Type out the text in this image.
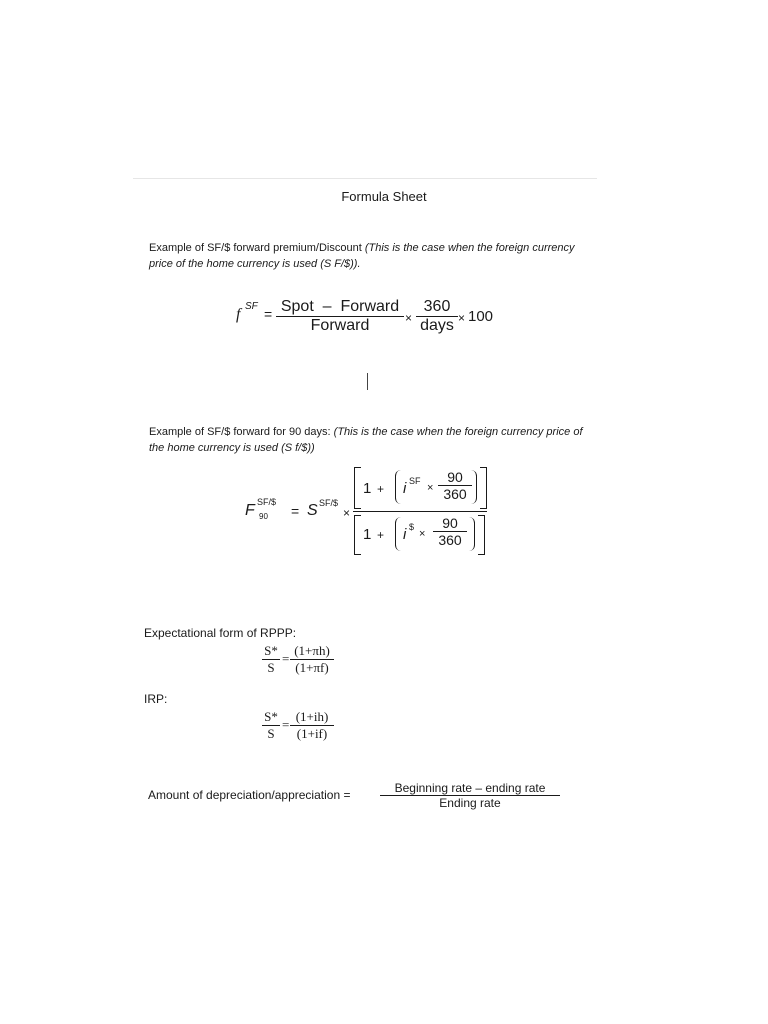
Formula Sheet
Example of SF/$ forward premium/Discount (This is the case when the foreign currency price of the home currency is used (S F/$)).
f SF = Spot  –  Forward
Forward	×
360
days × 100
Example of SF/$ forward for 90 days: (This is the case when the foreign currency price of the home currency is used (S f/$))
F SF/$
90 = S SF/$
×
1 + i SF
× $\frac{90}{360}$
1 + i $
× $\frac{90}{360}$
Expectational form of RPPP:
$\frac{S*}{S} = \frac{(1+\pi h)}{(1+\pi f)}$
IRP:
$\frac{S*}{S} = \frac{(1+ih)}{(1+if)}$
Amount of depreciation/appreciation =	Beginning rate – ending rate
Ending rate
